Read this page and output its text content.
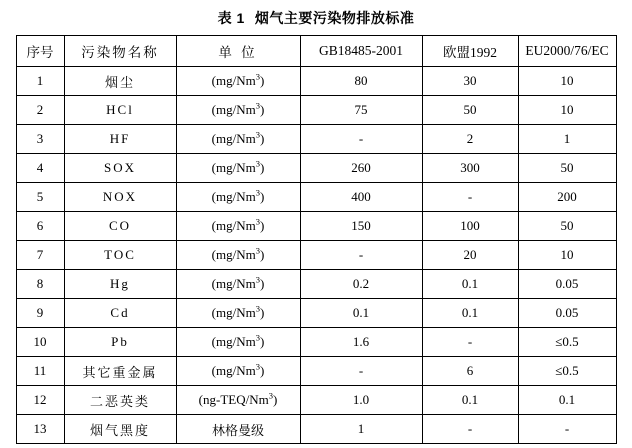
表 1 烟气主要污染物排放标准
序号	污染物名称	单 位	GB18485-2001	欧盟1992	EU2000/76/EC
1	烟尘	(mg/Nm$^3$)	80	30	10
2	HCl	(mg/Nm$^3$)	75	50	10
3	HF	(mg/Nm$^3$)	-	2	1
4	SOX	(mg/Nm$^3$)	260	300	50
5	NOX	(mg/Nm$^3$)	400	-	200
6	CO	(mg/Nm$^3$)	150	100	50
7	TOC	(mg/Nm$^3$)	-	20	10
8	Hg	(mg/Nm$^3$)	0.2	0.1	0.05
9	Cd	(mg/Nm$^3$)	0.1	0.1	0.05
10	Pb	(mg/Nm$^3$)	1.6	-	≤0.5
11	其它重金属	(mg/Nm$^3$)	-	6	≤0.5
12	二恶英类	(ng-TEQ/Nm$^3$)	1.0	0.1	0.1
13	烟气黑度	林格曼级	1	-	-
